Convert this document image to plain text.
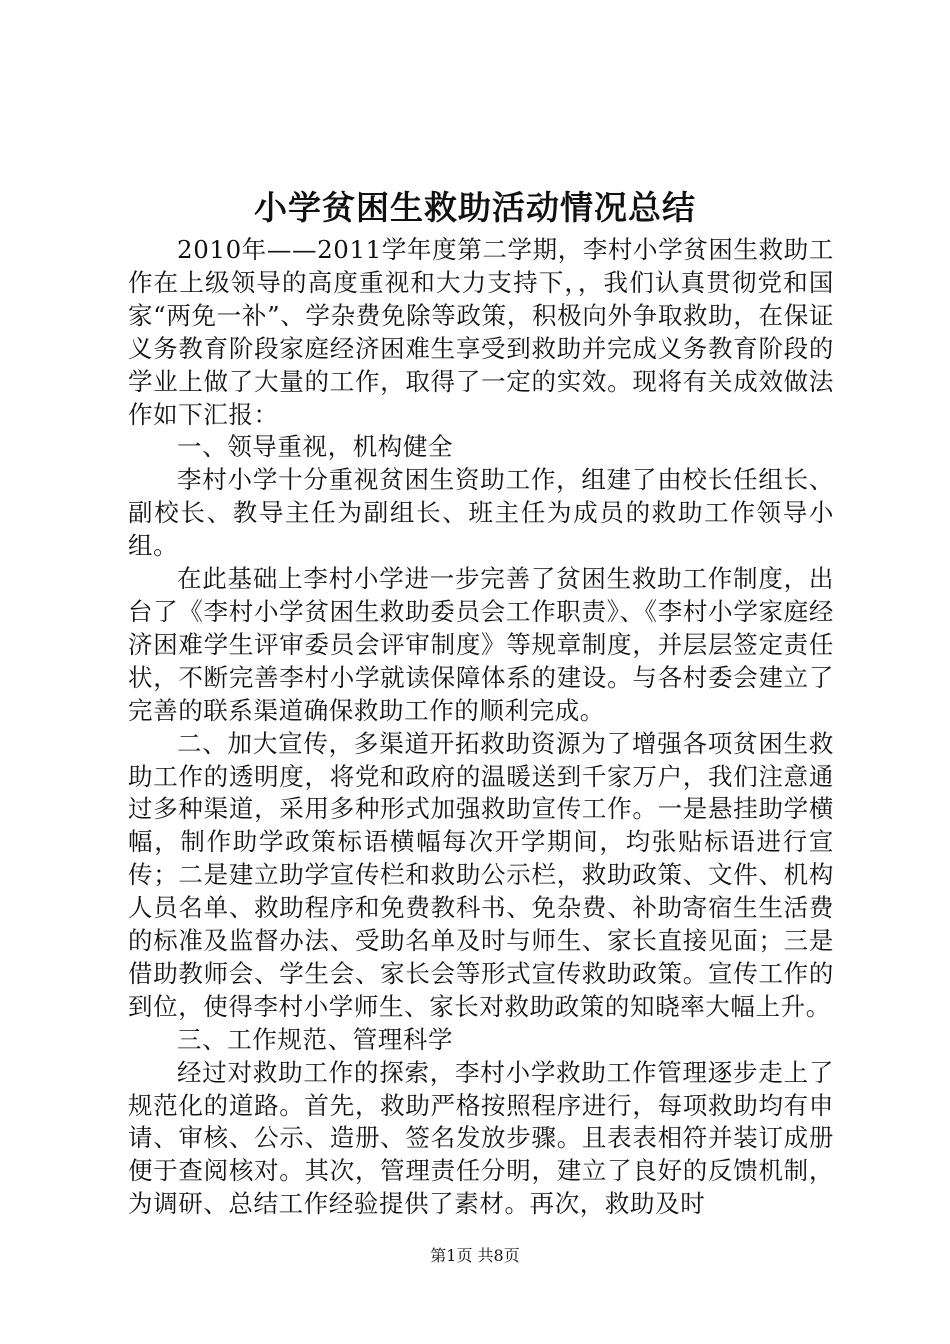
小学贫困生救助活动情况总结

2010年——2011学年度第二学期，李村小学贫困生救助工作在上级领导的高度重视和大力支持下，，我们认真贯彻党和国家“两免一补”、学杂费免除等政策，积极向外争取救助，在保证义务教育阶段家庭经济困难生享受到救助并完成义务教育阶段的学业上做了大量的工作，取得了一定的实效。现将有关成效做法作如下汇报：

一、领导重视，机构健全

李村小学十分重视贫困生资助工作，组建了由校长任组长、副校长、教导主任为副组长、班主任为成员的救助工作领导小组。

在此基础上李村小学进一步完善了贫困生救助工作制度，出台了《李村小学贫困生救助委员会工作职责》、《李村小学家庭经济困难学生评审委员会评审制度》等规章制度，并层层签定责任状，不断完善李村小学就读保障体系的建设。与各村委会建立了完善的联系渠道确保救助工作的顺利完成。

二、加大宣传，多渠道开拓救助资源为了增强各项贫困生救助工作的透明度，将党和政府的温暖送到千家万户，我们注意通过多种渠道，采用多种形式加强救助宣传工作。一是悬挂助学横幅，制作助学政策标语横幅每次开学期间，均张贴标语进行宣传；二是建立助学宣传栏和救助公示栏，救助政策、文件、机构人员名单、救助程序和免费教科书、免杂费、补助寄宿生生活费的标准及监督办法、受助名单及时与师生、家长直接见面；三是借助教师会、学生会、家长会等形式宣传救助政策。宣传工作的到位，使得李村小学师生、家长对救助政策的知晓率大幅上升。

三、工作规范、管理科学

经过对救助工作的探索，李村小学救助工作管理逐步走上了规范化的道路。首先，救助严格按照程序进行，每项救助均有申请、审核、公示、造册、签名发放步骤。且表表相符并装订成册便于查阅核对。其次，管理责任分明，建立了良好的反馈机制，为调研、总结工作经验提供了素材。再次，救助及时

第1页 共8页
